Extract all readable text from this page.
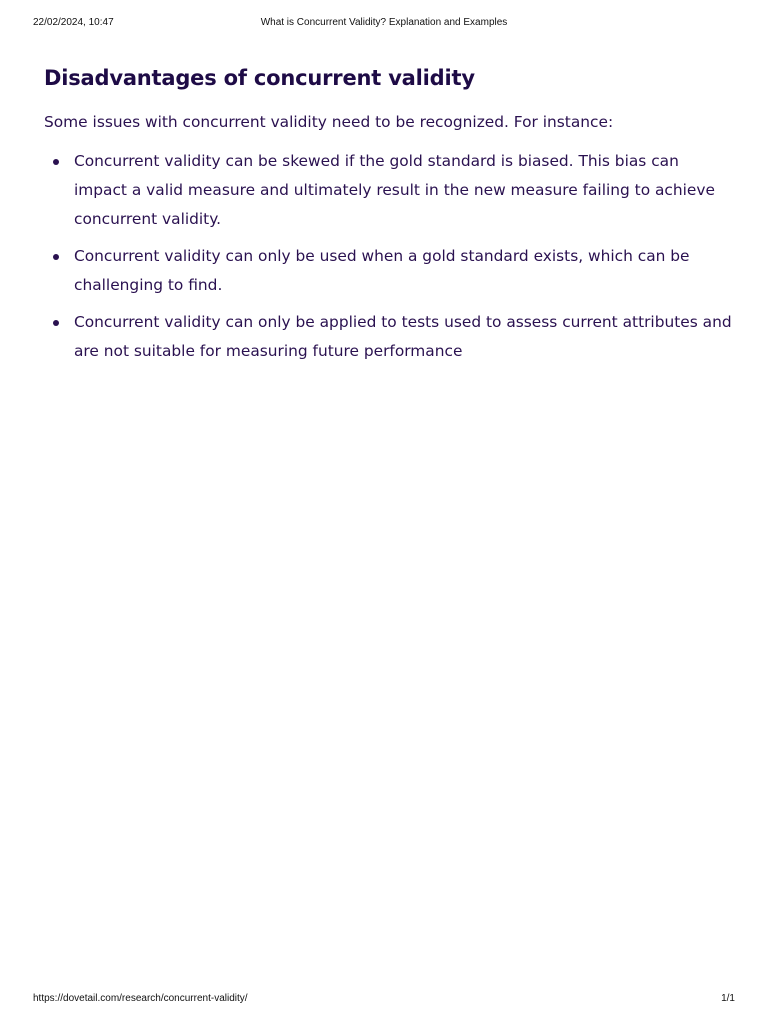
22/02/2024, 10:47	What is Concurrent Validity? Explanation and Examples
Disadvantages of concurrent validity

Some issues with concurrent validity need to be recognized. For instance:

Concurrent validity can be skewed if the gold standard is biased. This bias can impact a valid measure and ultimately result in the new measure failing to achieve concurrent validity.
Concurrent validity can only be used when a gold standard exists, which can be challenging to find.
Concurrent validity can only be applied to tests used to assess current attributes and are not suitable for measuring future performance
https://dovetail.com/research/concurrent-validity/	1/1
